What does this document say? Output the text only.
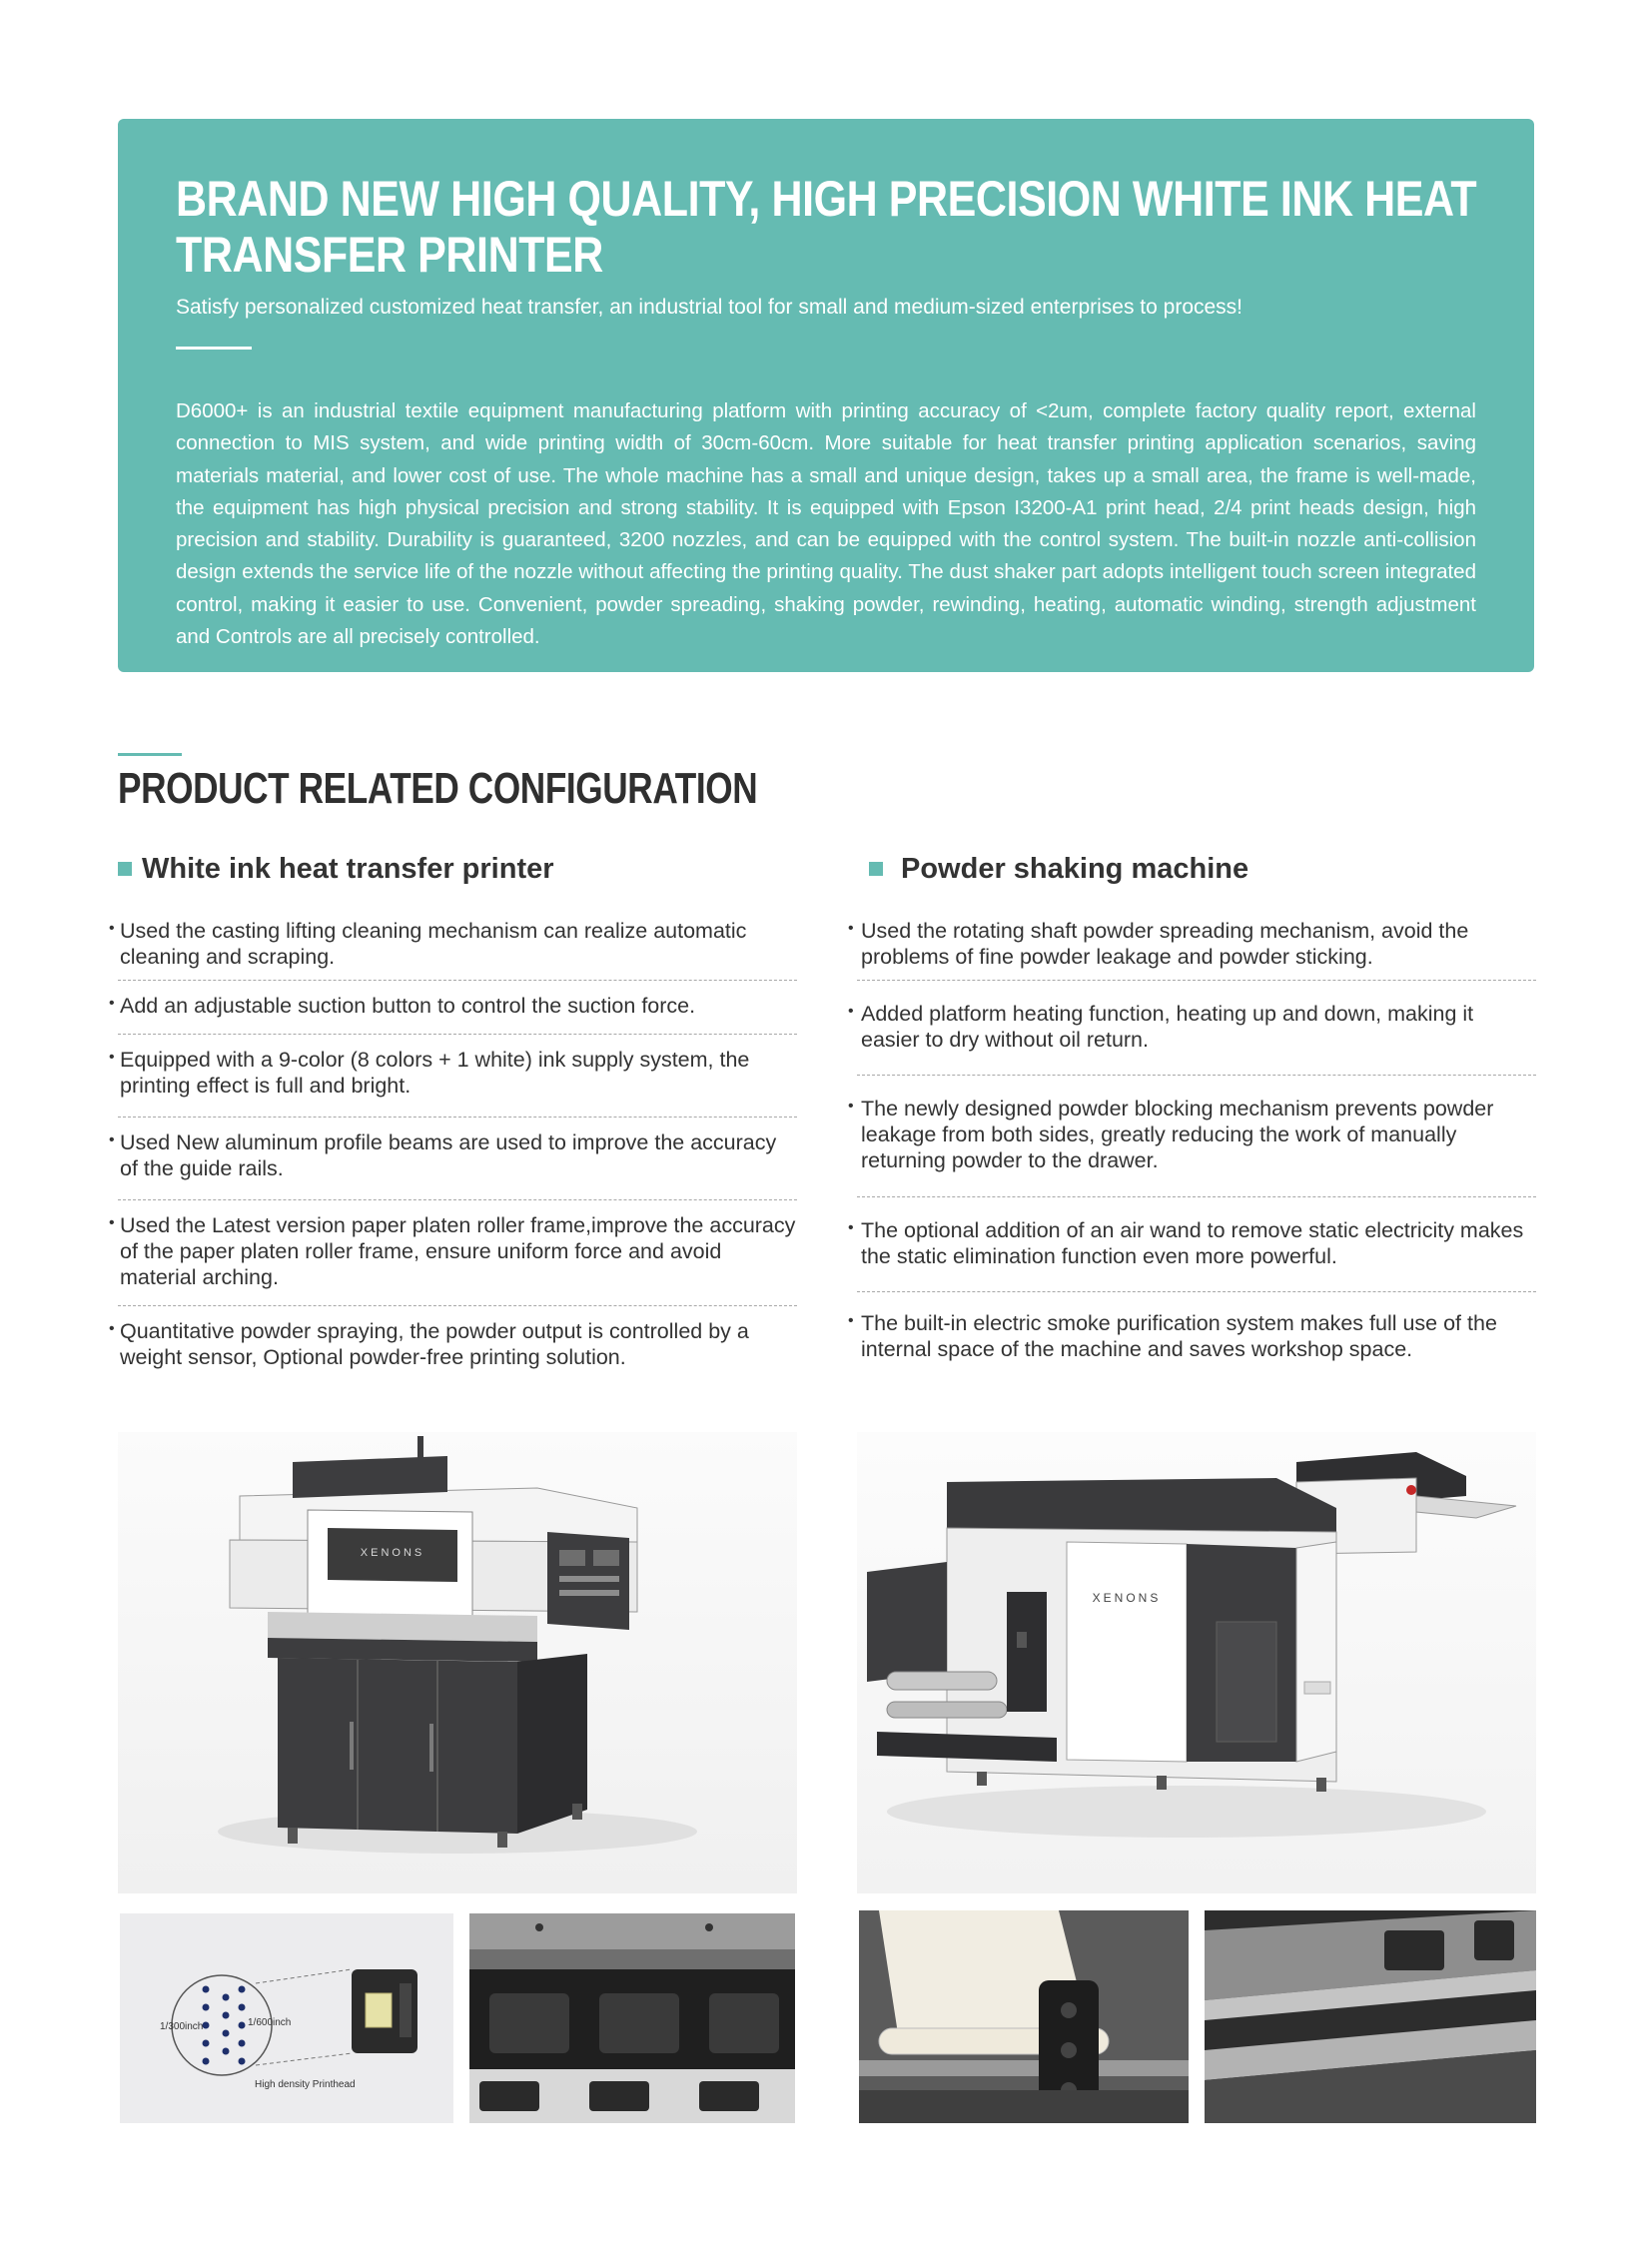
BRAND NEW HIGH QUALITY, HIGH PRECISION WHITE INK HEAT TRANSFER PRINTER
Satisfy personalized customized heat transfer, an industrial tool for small and medium-sized enterprises to process!

D6000+ is an industrial textile equipment manufacturing platform with printing accuracy of <2um, complete factory quality report, external connection to MIS system, and wide printing width of 30cm-60cm. More suitable for heat transfer printing application scenarios, saving materials material, and lower cost of use. The whole machine has a small and unique design, takes up a small area, the frame is well-made, the equipment has high physical precision and strong stability. It is equipped with Epson I3200-A1 print head, 2/4 print heads design, high precision and stability. Durability is guaranteed, 3200 nozzles, and can be equipped with the control system. The built-in nozzle anti-collision design extends the service life of the nozzle without affecting the printing quality. The dust shaker part adopts intelligent touch screen integrated control, making it easier to use. Convenient, powder spreading, shaking powder, rewinding, heating, automatic winding, strength adjustment and Controls are all precisely controlled.

PRODUCT RELATED CONFIGURATION
White ink heat transfer printer
• Used the casting lifting cleaning mechanism can realize automatic cleaning and scraping.
• Add an adjustable suction button to control the suction force.
• Equipped with a 9-color (8 colors + 1 white) ink supply system, the printing effect is full and bright.
• Used New aluminum profile beams are used to improve the accuracy of the guide rails.
• Used the Latest version paper platen roller frame,improve the accuracy of the paper platen roller frame, ensure uniform force and avoid material arching.
• Quantitative powder spraying, the powder output is controlled by a weight sensor, Optional powder-free printing solution.
Powder shaking machine
• Used the rotating shaft powder spreading mechanism, avoid the problems of fine powder leakage and powder sticking.
• Added platform heating function, heating up and down, making it easier to dry without oil return.
• The newly designed powder blocking mechanism prevents powder leakage from both sides, greatly reducing the work of manually returning powder to the drawer.
• The optional addition of an air wand to remove static electricity makes the static elimination function even more powerful.
• The built-in electric smoke purification system makes full use of the internal space of the machine and saves workshop space.
XENONS
XENONS
1/300inch	1/600inch
High density Printhead
